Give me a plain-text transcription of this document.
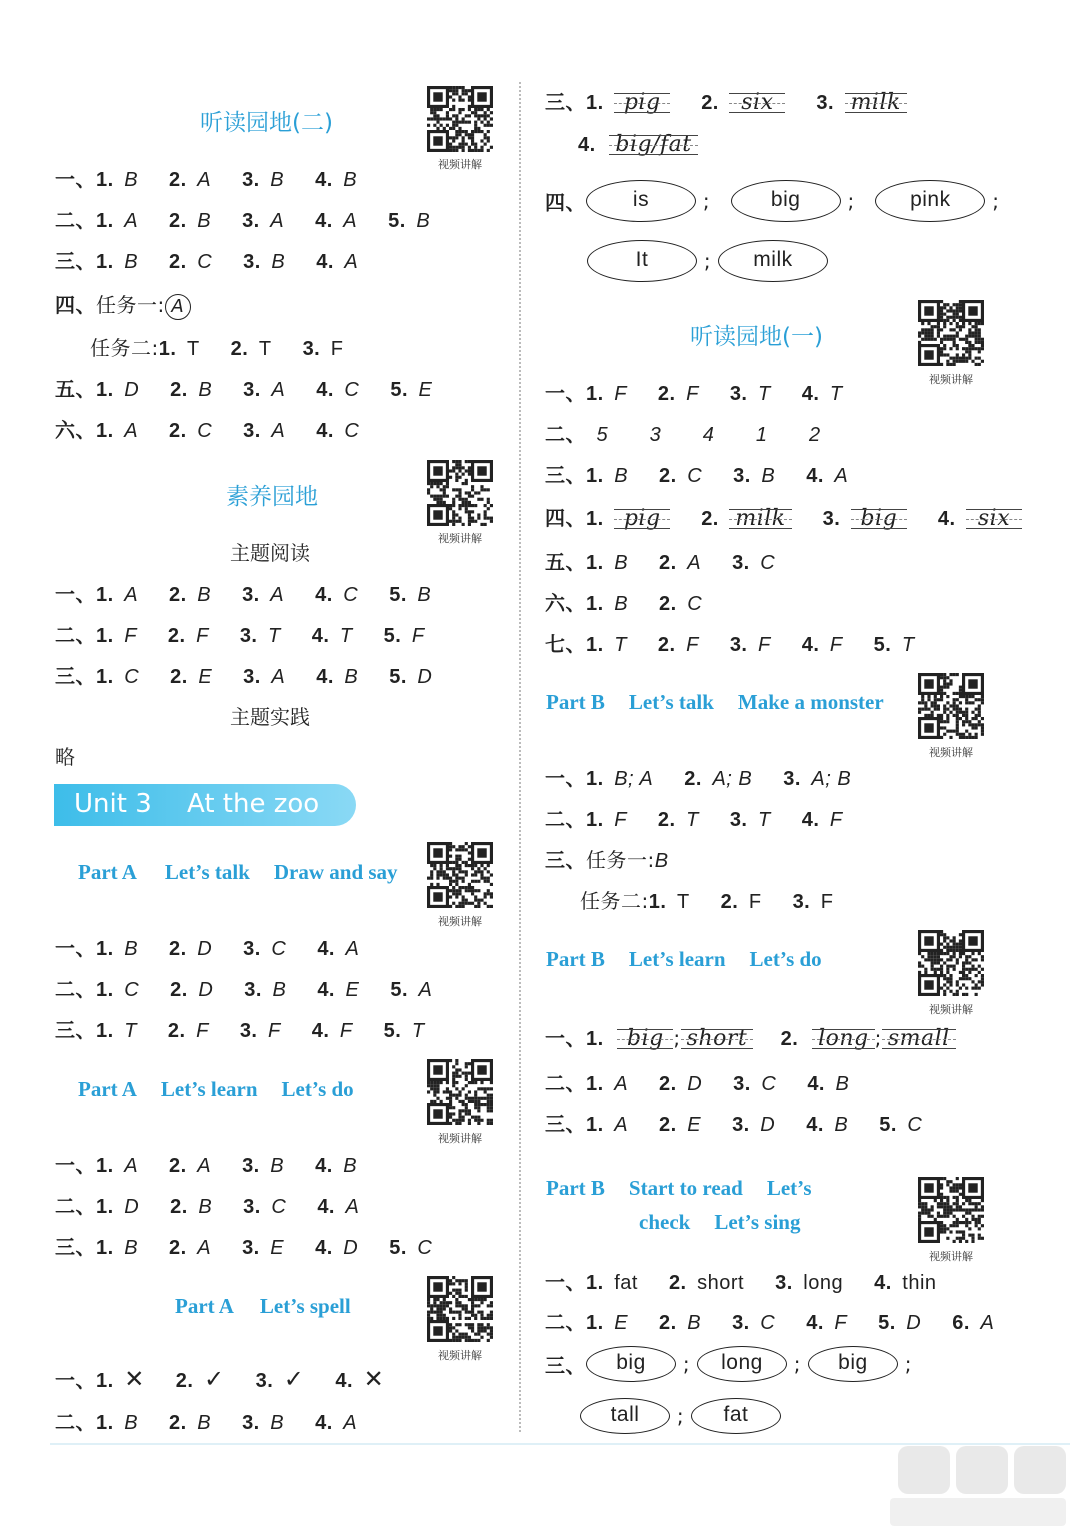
听读园地(二)
视频讲解
一、1.  B   2.  A   3.  B   4.  B  
二、1.  A   2.  B   3.  A   4.  A   5.  B  
三、1.  B   2.  C   3.  B   4.  A  
四、任务一: A
任务二:1.  T   2.  T   3.  F  
五、1.  D   2.  B   3.  A   4.  C   5.  E  
六、1.  A   2.  C   3.  A   4.  C  
素养园地
视频讲解
主题阅读
一、1.  A   2.  B   3.  A   4.  C   5.  B  
二、1.  F   2.  F   3.  T   4.  T   5.  F  
三、1.  C   2.  E   3.  A   4.  B   5.  D  
主题实践
略
Unit 3 At the zoo
Part A Let’s talk Draw and say
视频讲解
一、1.  B   2.  D   3.  C   4.  A  
二、1.  C   2.  D   3.  B   4.  E   5.  A  
三、1.  T   2.  F   3.  F   4.  F   5.  T  
Part A Let’s learn Let’s do
视频讲解
一、1.  A   2.  A   3.  B   4.  B  
二、1.  D   2.  B   3.  C   4.  A  
三、1.  B   2.  A   3.  E   4.  D   5.  C  
Part A Let’s spell
视频讲解
一、1.  ✕   2.  ✓   3.  ✓   4.  ✕  
二、1.  B   2.  B   3.  B   4.  A  
三、1.  pig   2.  six   3.  milk  
4. big/fat
四、 is ;   big ;   pink ;
It ; milk
听读园地(一)
视频讲解
一、1.  F   2.  F   3.  T   4.  T  
二、  5    3    4    1    2  
三、1.  B   2.  C   3.  B   4.  A  
四、1.  pig   2.  milk   3.  big   4.  six  
五、1.  B   2.  A   3.  C  
六、1.  B   2.  C  
七、1.  T   2.  F   3.  F   4.  F   5.  T  
Part B Let’s talk Make a monster
视频讲解
一、1.  B; A   2.  A; B   3.  A; B  
二、1.  F   2.  T   3.  T   4.  F  
三、任务一:B
任务二:1.  T   2.  F   3.  F  
Part B Let’s learn Let’s do
视频讲解
一、1. big ; short 2. long ; small
二、1.  A   2.  D   3.  C   4.  B  
三、1.  A   2.  E   3.  D   4.  B   5.  C  
Part B Start to read Let’s
check Let’s sing
视频讲解
一、1.  fat   2.  short   3.  long   4.  thin  
二、1.  E   2.  B   3.  C   4.  F   5.  D   6.  A  
三、 big ; long ; big ;
tall ; fat
